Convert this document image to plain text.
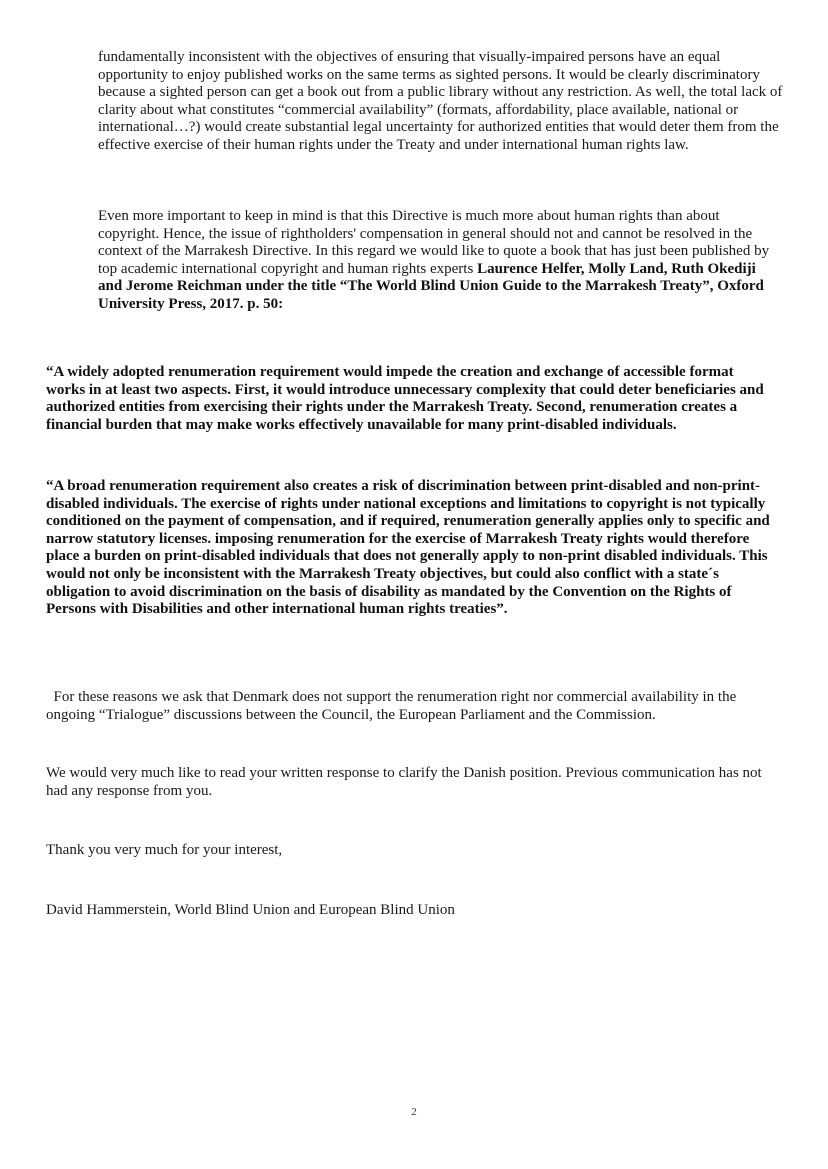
fundamentally inconsistent with the objectives of ensuring that visually-impaired persons have an equal opportunity to enjoy published works on the same terms as sighted persons. It would be clearly discriminatory because a sighted person can get a book out from a public library without any restriction. As well, the total lack of clarity about what constitutes “commercial availability” (formats, affordability, place available, national or international…?) would create substantial legal uncertainty for authorized entities that would deter them from the effective exercise of their human rights under the Treaty and under international human rights law.

Even more important to keep in mind is that this Directive is much more about human rights than about copyright. Hence, the issue of rightholders' compensation in general should not and cannot be resolved in the context of the Marrakesh Directive. In this regard we would like to quote a book that has just been published by top academic international copyright and human rights experts Laurence Helfer, Molly Land, Ruth Okediji and Jerome Reichman under the title “The World Blind Union Guide to the Marrakesh Treaty”, Oxford University Press, 2017. p. 50:

“A widely adopted renumeration requirement would impede the creation and exchange of accessible format works in at least two aspects. First, it would introduce unnecessary complexity that could deter beneficiaries and authorized entities from exercising their rights under the Marrakesh Treaty. Second, renumeration creates a financial burden that may make works effectively unavailable for many print-disabled individuals.

“A broad renumeration requirement also creates a risk of discrimination between print-disabled and non-print-disabled individuals. The exercise of rights under national exceptions and limitations to copyright is not typically conditioned on the payment of compensation, and if required, renumeration generally applies only to specific and narrow statutory licenses. imposing renumeration for the exercise of Marrakesh Treaty rights would therefore place a burden on print-disabled individuals that does not generally apply to non-print disabled individuals. This would not only be inconsistent with the Marrakesh Treaty objectives, but could also conflict with a state´s obligation to avoid discrimination on the basis of disability as mandated by the Convention on the Rights of Persons with Disabilities and other international human rights treaties”.

For these reasons we ask that Denmark does not support the renumeration right nor commercial availability in the ongoing “Trialogue” discussions between the Council, the European Parliament and the Commission.

We would very much like to read your written response to clarify the Danish position. Previous communication has not had any response from you.

Thank you very much for your interest,

David Hammerstein, World Blind Union and European Blind Union

2
